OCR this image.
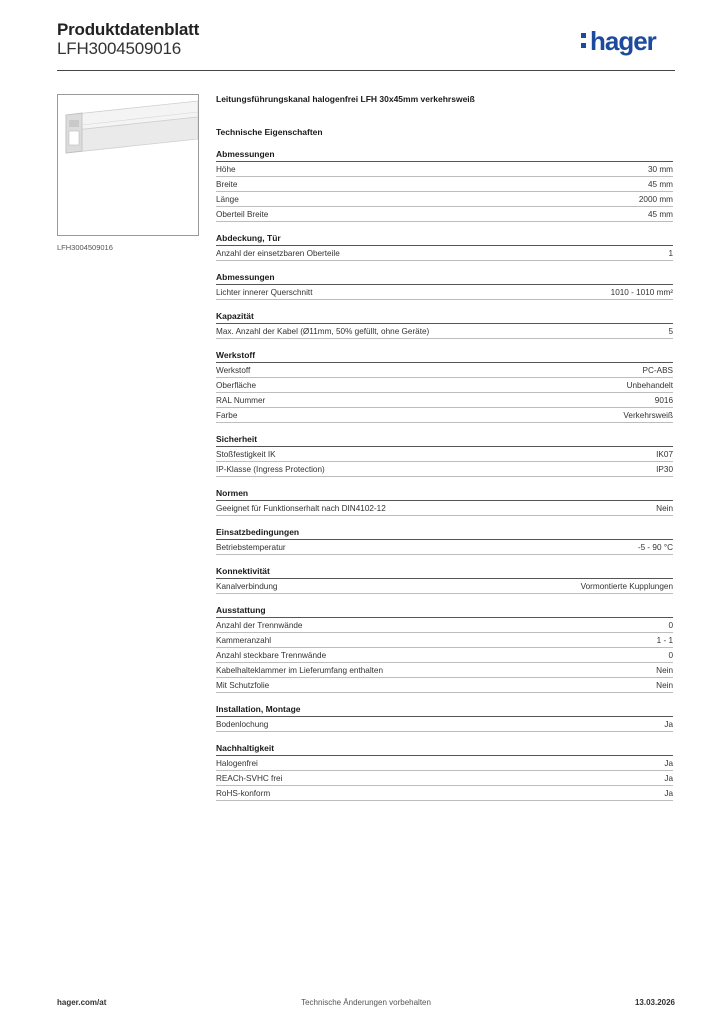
Produktdatenblatt
LFH3004509016	hager
LFH3004509016
Leitungsführungskanal halogenfrei LFH 30x45mm verkehrsweiß
Technische Eigenschaften
Abmessungen
Höhe	30 mm
Breite	45 mm
Länge	2000 mm
Oberteil Breite	45 mm
Abdeckung, Tür
Anzahl der einsetzbaren Oberteile	1
Abmessungen
Lichter innerer Querschnitt	1010 - 1010 mm²
Kapazität
Max. Anzahl der Kabel (Ø11mm, 50% gefüllt, ohne Geräte)	5
Werkstoff
Werkstoff	PC-ABS
Oberfläche	Unbehandelt
RAL Nummer	9016
Farbe	Verkehrsweiß
Sicherheit
Stoßfestigkeit IK	IK07
IP-Klasse (Ingress Protection)	IP30
Normen
Geeignet für Funktionserhalt nach DIN4102-12	Nein
Einsatzbedingungen
Betriebstemperatur	-5 - 90 °C
Konnektivität
Kanalverbindung	Vormontierte Kupplungen
Ausstattung
Anzahl der Trennwände	0
Kammeranzahl	1 - 1
Anzahl steckbare Trennwände	0
Kabelhalteklammer im Lieferumfang enthalten	Nein
Mit Schutzfolie	Nein
Installation, Montage
Bodenlochung	Ja
Nachhaltigkeit
Halogenfrei	Ja
REACh-SVHC frei	Ja
RoHS-konform	Ja
hager.com/at	Technische Änderungen vorbehalten	13.03.2026
